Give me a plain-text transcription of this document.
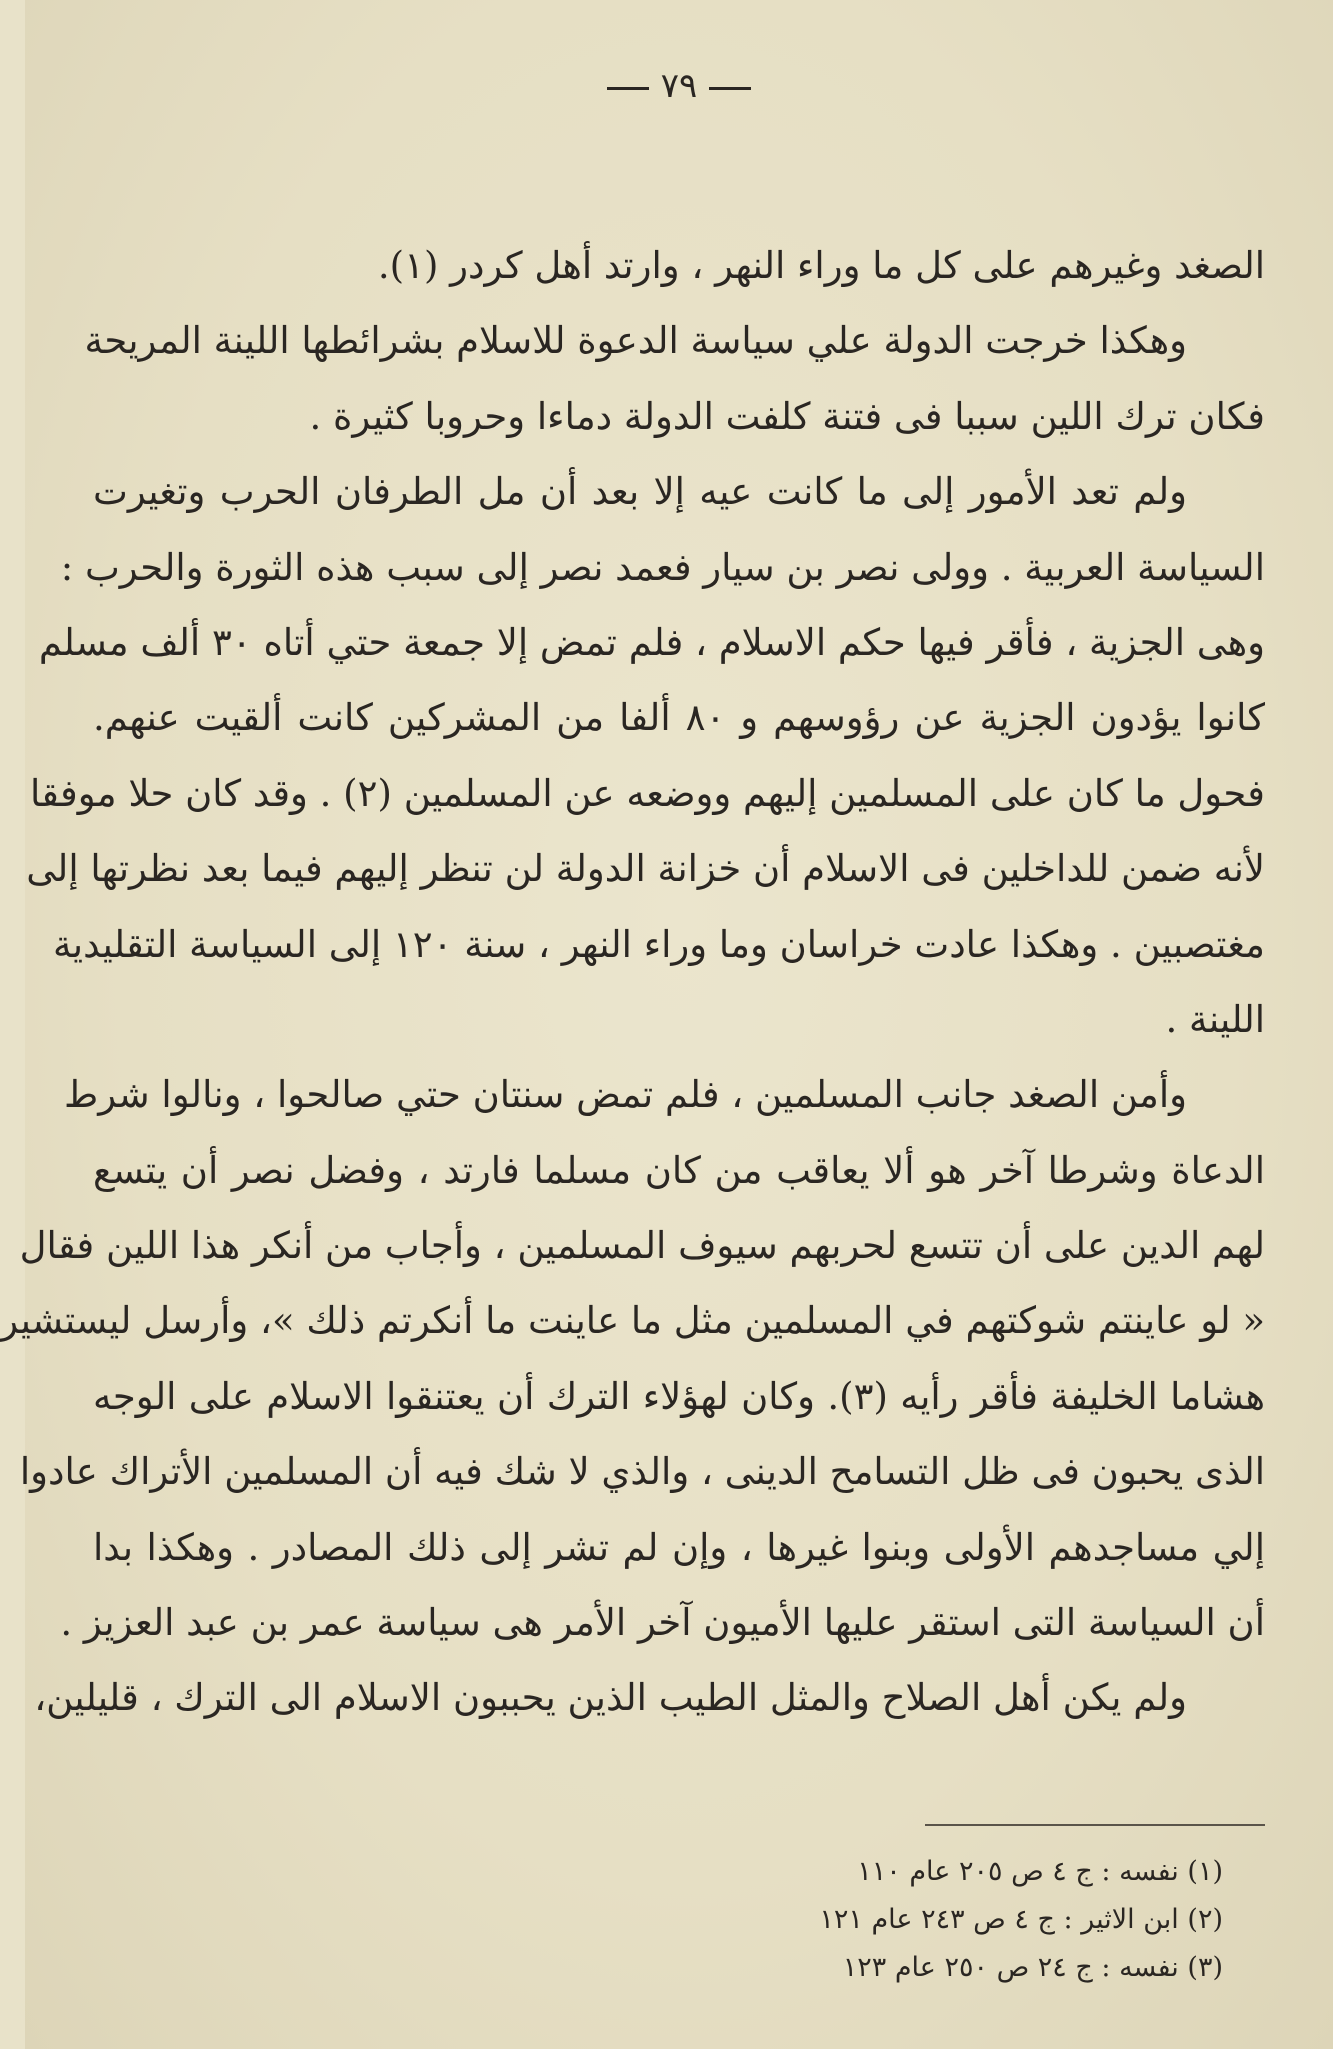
٧٩
الصغد وغيرهم على كل ما وراء النهر ، وارتد أهل كردر (١).
وهكذا خرجت الدولة علي سياسة الدعوة للاسلام بشرائطها اللينة المريحة
فكان ترك اللين سببا فى فتنة كلفت الدولة دماءا وحروبا كثيرة .
ولم تعد الأمور إلى ما كانت عيه إلا بعد أن مل الطرفان الحرب وتغيرت
السياسة العربية . وولى نصر بن سيار فعمد نصر إلى سبب هذه الثورة والحرب :
وهى الجزية ، فأقر فيها حكم الاسلام ، فلم تمض إلا جمعة حتي أتاه ٣٠ ألف مسلم
كانوا يؤدون الجزية عن رؤوسهم و ٨٠ ألفا من المشركين كانت ألقيت عنهم.
فحول ما كان على المسلمين إليهم ووضعه عن المسلمين (٢) . وقد كان حلا موفقا
لأنه ضمن للداخلين فى الاسلام أن خزانة الدولة لن تنظر إليهم فيما بعد نظرتها إلى
مغتصبين . وهكذا عادت خراسان وما وراء النهر ، سنة ١٢٠ إلى السياسة التقليدية
اللينة .
وأمن الصغد جانب المسلمين ، فلم تمض سنتان حتي صالحوا ، ونالوا شرط
الدعاة وشرطا آخر هو ألا يعاقب من كان مسلما فارتد ، وفضل نصر أن يتسع
لهم الدين على أن تتسع لحربهم سيوف المسلمين ، وأجاب من أنكر هذا اللين فقال
« لو عاينتم شوكتهم في المسلمين مثل ما عاينت ما أنكرتم ذلك »، وأرسل ليستشير
هشاما الخليفة فأقر رأيه (٣). وكان لهؤلاء الترك أن يعتنقوا الاسلام على الوجه
الذى يحبون فى ظل التسامح الدينى ، والذي لا شك فيه أن المسلمين الأتراك عادوا
إلي مساجدهم الأولى وبنوا غيرها ، وإن لم تشر إلى ذلك المصادر . وهكذا بدا
أن السياسة التى استقر عليها الأميون آخر الأمر هى سياسة عمر بن عبد العزيز .
ولم يكن أهل الصلاح والمثل الطيب الذين يحببون الاسلام الى الترك ، قليلين،
(١) نفسه : ج ٤ ص ٢٠٥ عام ١١٠
(٢) ابن الاثير : ج ٤ ص ٢٤٣ عام ١٢١
(٣) نفسه : ج ٢٤ ص ٢٥٠ عام ١٢٣
